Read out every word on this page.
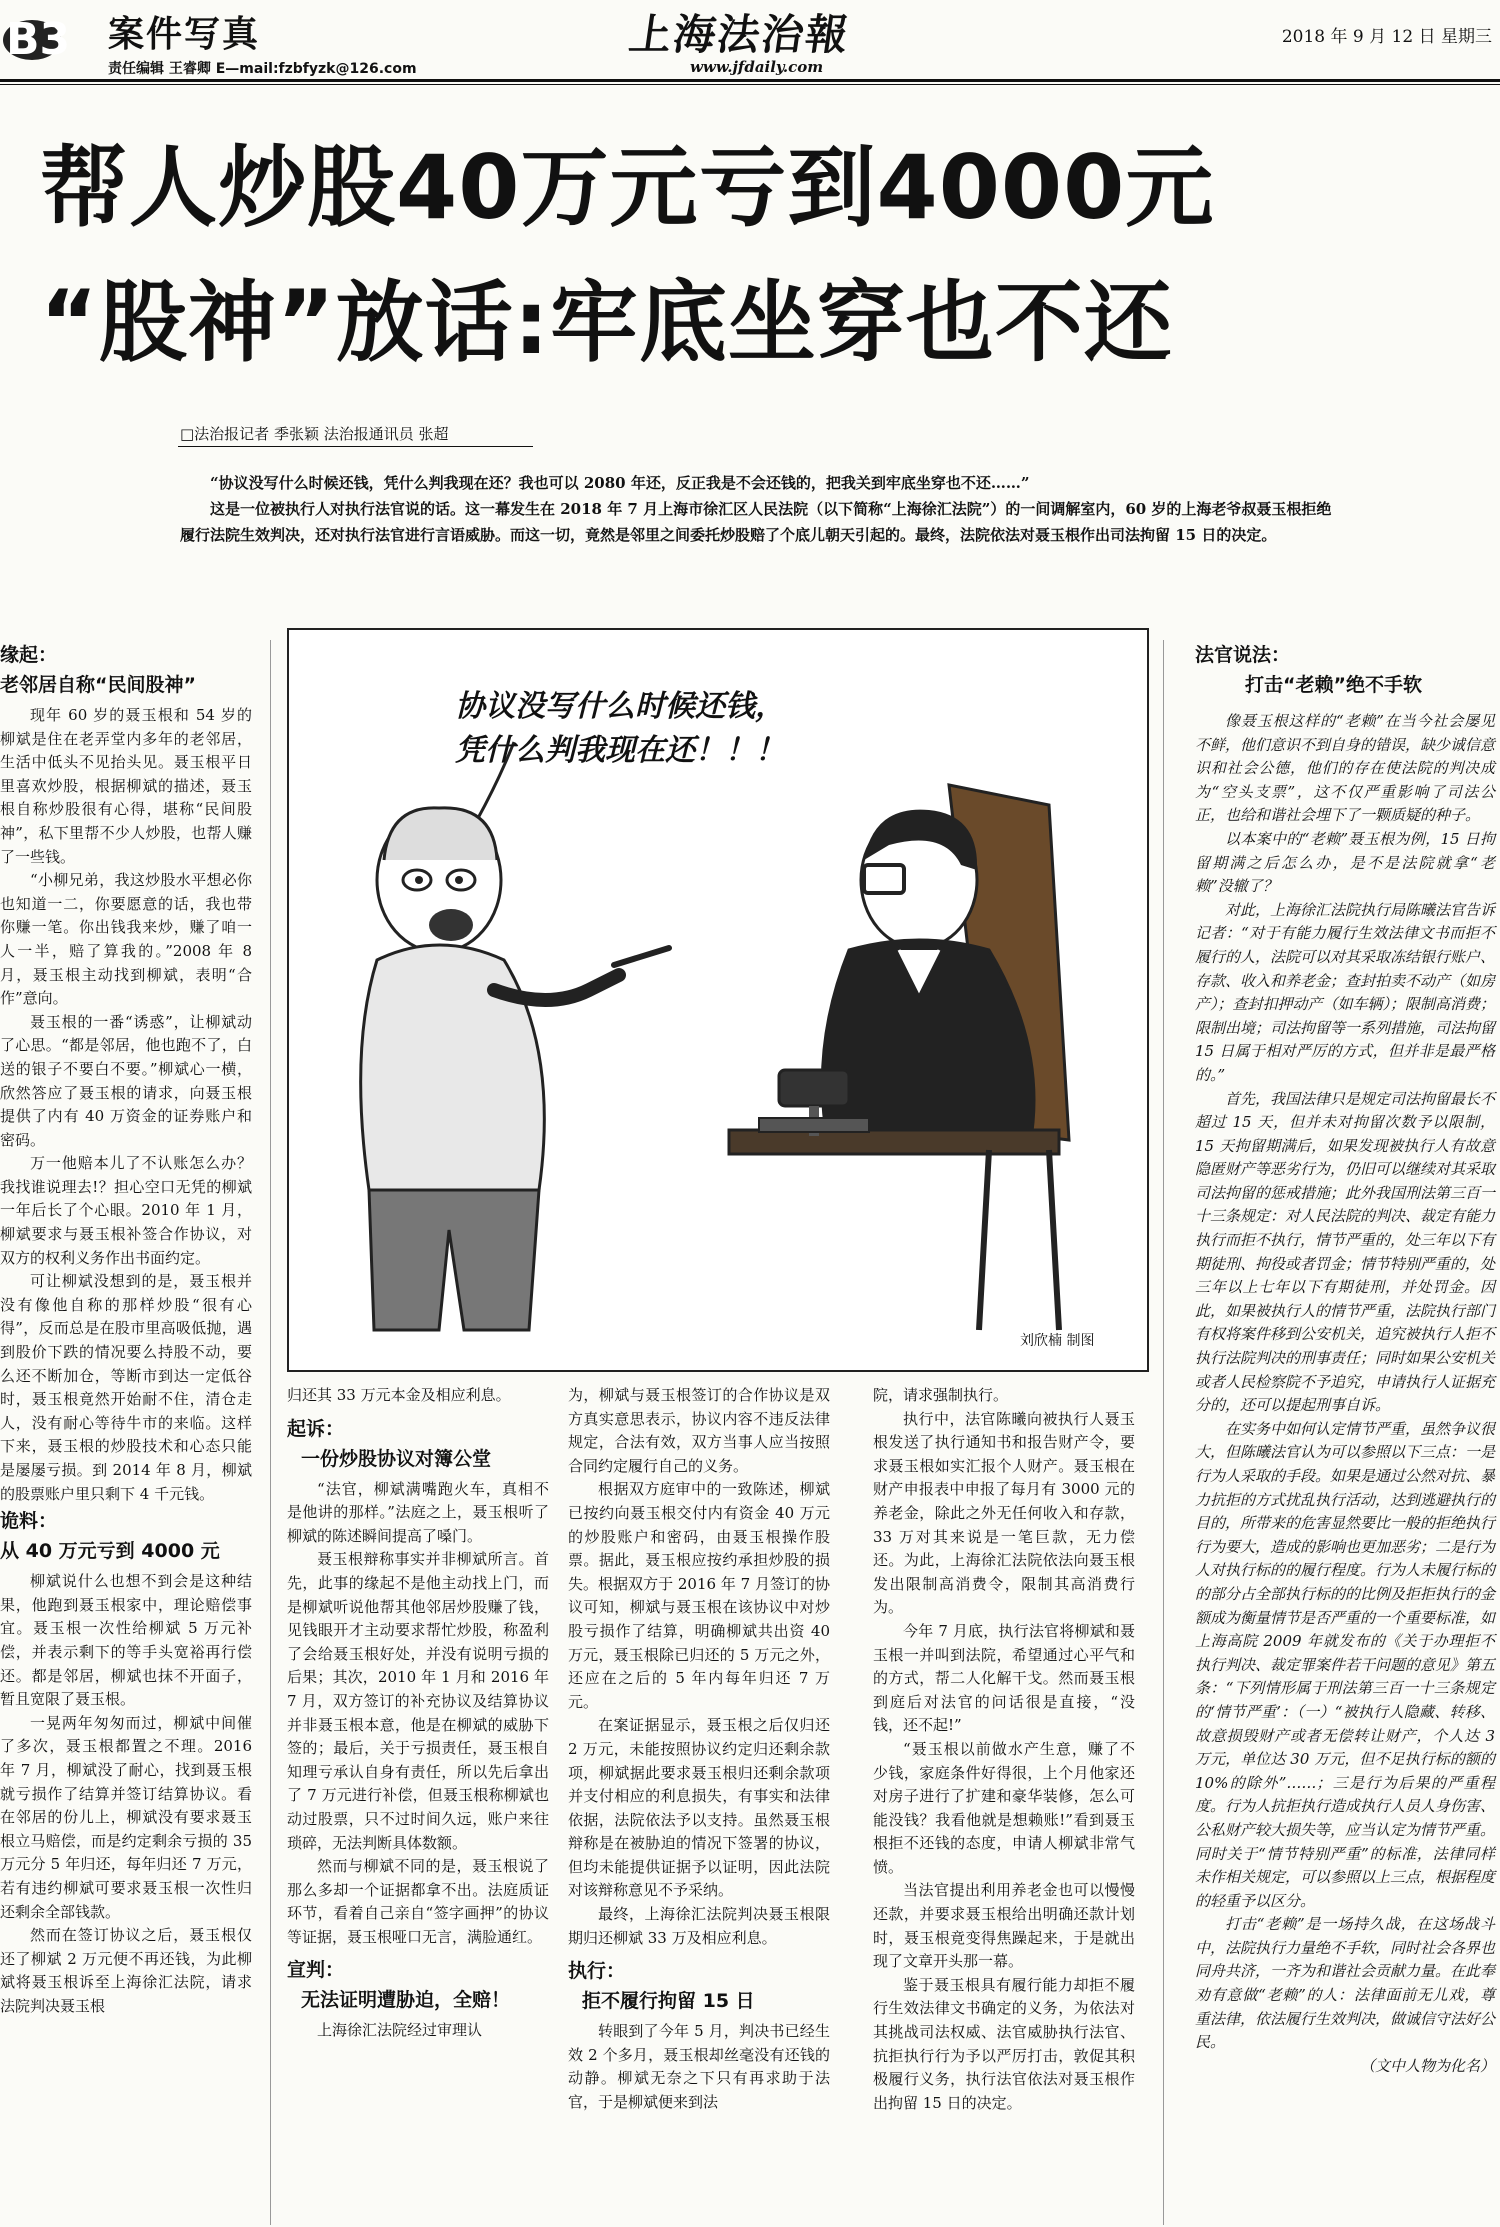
B3 案件写真
责任编辑 王睿卿 E—mail:fzbfyzk@126.com
上海法治報
www.jfdaily.com
2018 年 9 月 12 日 星期三
帮人炒股40万元亏到4000元
“股神”放话:牢底坐穿也不还
□法治报记者 季张颖 法治报通讯员 张超

“协议没写什么时候还钱，凭什么判我现在还？我也可以 2080 年还，反正我是不会还钱的，把我关到牢底坐穿也不还……”

这是一位被执行人对执行法官说的话。这一幕发生在 2018 年 7 月上海市徐汇区人民法院（以下简称“上海徐汇法院”）的一间调解室内，60 岁的上海老爷叔聂玉根拒绝履行法院生效判决，还对执行法官进行言语威胁。而这一切，竟然是邻里之间委托炒股赔了个底儿朝天引起的。最终，法院依法对聂玉根作出司法拘留 15 日的决定。

缘起：
老邻居自称“民间股神”

现年 60 岁的聂玉根和 54 岁的柳斌是住在老弄堂内多年的老邻居，生活中低头不见抬头见。聂玉根平日里喜欢炒股，根据柳斌的描述，聂玉根自称炒股很有心得，堪称“民间股神”，私下里帮不少人炒股，也帮人赚了一些钱。

“小柳兄弟，我这炒股水平想必你也知道一二，你要愿意的话，我也带你赚一笔。你出钱我来炒，赚了咱一人一半，赔了算我的。”2008 年 8 月，聂玉根主动找到柳斌，表明“合作”意向。

聂玉根的一番“诱惑”，让柳斌动了心思。“都是邻居，他也跑不了，白送的银子不要白不要。”柳斌心一横，欣然答应了聂玉根的请求，向聂玉根提供了内有 40 万资金的证券账户和密码。

万一他赔本儿了不认账怎么办？我找谁说理去!？担心空口无凭的柳斌一年后长了个心眼。2010 年 1 月，柳斌要求与聂玉根补签合作协议，对双方的权利义务作出书面约定。

可让柳斌没想到的是，聂玉根并没有像他自称的那样炒股“很有心得”，反而总是在股市里高吸低抛，遇到股价下跌的情况要么持股不动，要么还不断加仓，等断市到达一定低谷时，聂玉根竟然开始耐不住，清仓走人，没有耐心等待牛市的来临。这样下来，聂玉根的炒股技术和心态只能是屡屡亏损。到 2014 年 8 月，柳斌的股票账户里只剩下 4 千元钱。

诡料：
从 40 万元亏到 4000 元

柳斌说什么也想不到会是这种结果，他跑到聂玉根家中，理论赔偿事宜。聂玉根一次性给柳斌 5 万元补偿，并表示剩下的等手头宽裕再行偿还。都是邻居，柳斌也抹不开面子，暂且宽限了聂玉根。

一晃两年匆匆而过，柳斌中间催了多次，聂玉根都置之不理。2016 年 7 月，柳斌没了耐心，找到聂玉根就亏损作了结算并签订结算协议。看在邻居的份儿上，柳斌没有要求聂玉根立马赔偿，而是约定剩余亏损的 35 万元分 5 年归还，每年归还 7 万元，若有违约柳斌可要求聂玉根一次性归还剩余全部钱款。

然而在签订协议之后，聂玉根仅还了柳斌 2 万元便不再还钱，为此柳斌将聂玉根诉至上海徐汇法院，请求法院判决聂玉根

协议没写什么时候还钱，
凭什么判我现在还！！！
刘欣楠 制图

归还其 33 万元本金及相应利息。

起诉：
一份炒股协议对簿公堂

“法官，柳斌满嘴跑火车，真相不是他讲的那样。”法庭之上，聂玉根听了柳斌的陈述瞬间提高了嗓门。

聂玉根辩称事实并非柳斌所言。首先，此事的缘起不是他主动找上门，而是柳斌听说他帮其他邻居炒股赚了钱，见钱眼开才主动要求帮忙炒股，称盈利了会给聂玉根好处，并没有说明亏损的后果；其次，2010 年 1 月和 2016 年 7 月，双方签订的补充协议及结算协议并非聂玉根本意，他是在柳斌的威胁下签的；最后，关于亏损责任，聂玉根自知理亏承认自身有责任，所以先后拿出了 7 万元进行补偿，但聂玉根称柳斌也动过股票，只不过时间久远，账户来往琐碎，无法判断具体数额。

然而与柳斌不同的是，聂玉根说了那么多却一个证据都拿不出。法庭质证环节，看着自己亲自“签字画押”的协议等证据，聂玉根哑口无言，满脸通红。

宣判：
无法证明遭胁迫，全赔！

上海徐汇法院经过审理认

为，柳斌与聂玉根签订的合作协议是双方真实意思表示，协议内容不违反法律规定，合法有效，双方当事人应当按照合同约定履行自己的义务。

根据双方庭审中的一致陈述，柳斌已按约向聂玉根交付内有资金 40 万元的炒股账户和密码，由聂玉根操作股票。据此，聂玉根应按约承担炒股的损失。根据双方于 2016 年 7 月签订的协议可知，柳斌与聂玉根在该协议中对炒股亏损作了结算，明确柳斌共出资 40 万元，聂玉根除已归还的 5 万元之外，还应在之后的 5 年内每年归还 7 万元。

在案证据显示，聂玉根之后仅归还 2 万元，未能按照协议约定归还剩余款项，柳斌据此要求聂玉根归还剩余款项并支付相应的利息损失，有事实和法律依据，法院依法予以支持。虽然聂玉根辩称是在被胁迫的情况下签署的协议，但均未能提供证据予以证明，因此法院对该辩称意见不予采纳。

最终，上海徐汇法院判决聂玉根限期归还柳斌 33 万及相应利息。

执行：
拒不履行拘留 15 日

转眼到了今年 5 月，判决书已经生效 2 个多月，聂玉根却丝毫没有还钱的动静。柳斌无奈之下只有再求助于法官，于是柳斌便来到法

院，请求强制执行。

执行中，法官陈曦向被执行人聂玉根发送了执行通知书和报告财产令，要求聂玉根如实汇报个人财产。聂玉根在财产申报表中申报了每月有 3000 元的养老金，除此之外无任何收入和存款，33 万对其来说是一笔巨款，无力偿还。为此，上海徐汇法院依法向聂玉根发出限制高消费令，限制其高消费行为。

今年 7 月底，执行法官将柳斌和聂玉根一并叫到法院，希望通过心平气和的方式，帮二人化解干戈。然而聂玉根到庭后对法官的问话很是直接，“没钱，还不起!”

“聂玉根以前做水产生意，赚了不少钱，家庭条件好得很，上个月他家还对房子进行了扩建和豪华装修，怎么可能没钱？我看他就是想赖账!”看到聂玉根拒不还钱的态度，申请人柳斌非常气愤。

当法官提出利用养老金也可以慢慢还款，并要求聂玉根给出明确还款计划时，聂玉根竟变得焦躁起来，于是就出现了文章开头那一幕。

鉴于聂玉根具有履行能力却拒不履行生效法律文书确定的义务，为依法对其挑战司法权威、法官威胁执行法官、抗拒执行行为予以严厉打击，敦促其积极履行义务，执行法官依法对聂玉根作出拘留 15 日的决定。

法官说法：
打击“老赖”绝不手软

像聂玉根这样的“老赖”在当今社会屡见不鲜，他们意识不到自身的错误，缺少诚信意识和社会公德，他们的存在使法院的判决成为“空头支票”，这不仅严重影响了司法公正，也给和谐社会埋下了一颗质疑的种子。

以本案中的“老赖”聂玉根为例，15 日拘留期满之后怎么办，是不是法院就拿“老赖”没辙了？

对此，上海徐汇法院执行局陈曦法官告诉记者：“对于有能力履行生效法律文书而拒不履行的人，法院可以对其采取冻结银行账户、存款、收入和养老金；查封拍卖不动产（如房产）；查封扣押动产（如车辆）；限制高消费；限制出境；司法拘留等一系列措施，司法拘留 15 日属于相对严厉的方式，但并非是最严格的。”

首先，我国法律只是规定司法拘留最长不超过 15 天，但并未对拘留次数予以限制，15 天拘留期满后，如果发现被执行人有故意隐匿财产等恶劣行为，仍旧可以继续对其采取司法拘留的惩戒措施；此外我国刑法第三百一十三条规定：对人民法院的判决、裁定有能力执行而拒不执行，情节严重的，处三年以下有期徒刑、拘役或者罚金；情节特别严重的，处三年以上七年以下有期徒刑，并处罚金。因此，如果被执行人的情节严重，法院执行部门有权将案件移到公安机关，追究被执行人拒不执行法院判决的刑事责任；同时如果公安机关或者人民检察院不予追究，申请执行人证据充分的，还可以提起刑事自诉。

在实务中如何认定情节严重，虽然争议很大，但陈曦法官认为可以参照以下三点：一是行为人采取的手段。如果是通过公然对抗、暴力抗拒的方式扰乱执行活动，达到逃避执行的目的，所带来的危害显然要比一般的拒绝执行行为要大，造成的影响也更加恶劣；二是行为人对执行标的的履行程度。行为人未履行标的的部分占全部执行标的的比例及拒拒执行的金额成为衡量情节是否严重的一个重要标准，如上海高院 2009 年就发布的《关于办理拒不执行判决、裁定罪案件若干问题的意见》第五条：“下列情形属于刑法第三百一十三条规定的‘情节严重’：（一）“被执行人隐藏、转移、故意损毁财产或者无偿转让财产，个人达 3 万元，单位达 30 万元，但不足执行标的额的 10%的除外”……；三是行为后果的严重程度。行为人抗拒执行造成执行人员人身伤害、公私财产较大损失等，应当认定为情节严重。同时关于“情节特别严重”的标准，法律同样未作相关规定，可以参照以上三点，根据程度的轻重予以区分。

打击“老赖”是一场持久战，在这场战斗中，法院执行力量绝不手软，同时社会各界也同舟共济，一齐为和谐社会贡献力量。在此奉劝有意做“老赖”的人：法律面前无儿戏，尊重法律，依法履行生效判决，做诚信守法好公民。

（文中人物为化名）
